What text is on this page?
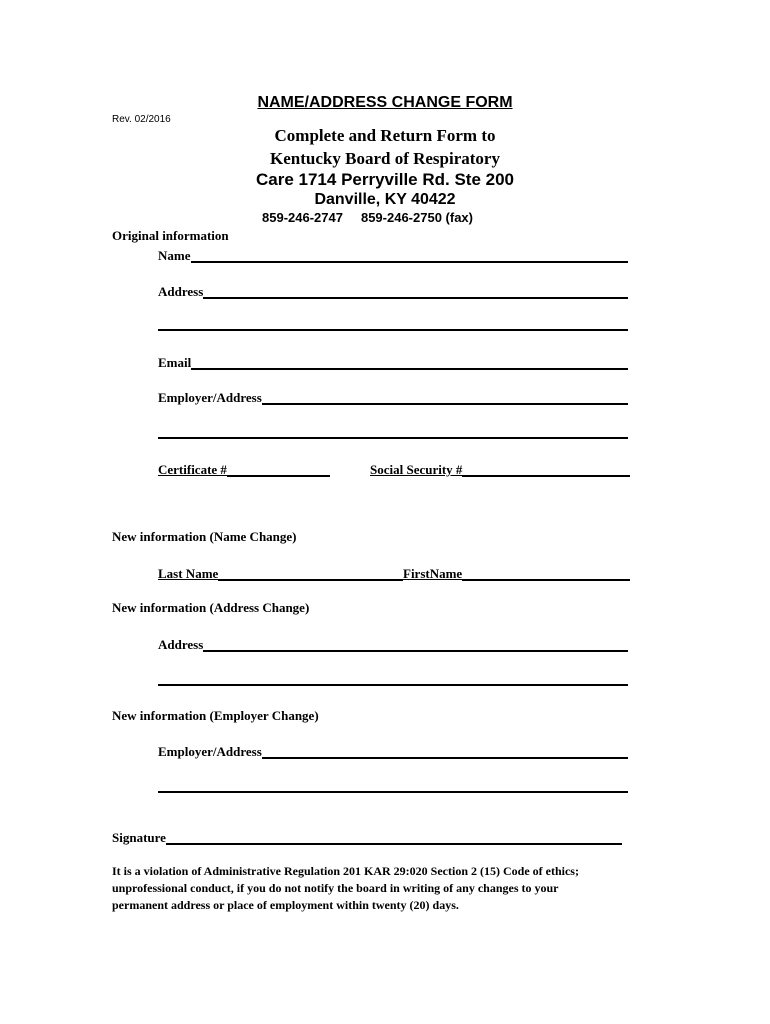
NAME/ADDRESS CHANGE FORM
Rev. 02/2016
Complete and Return Form to
Kentucky Board of Respiratory
Care 1714 Perryville Rd. Ste 200
Danville, KY 40422
859-246-2747 859-246-2750 (fax)
Original information
Name
Address
Email
Employer/Address
Certificate #	Social Security #
New information (Name Change)
Last Name	FirstName
New information (Address Change)
Address
New information (Employer Change)
Employer/Address
Signature
It is a violation of Administrative Regulation 201 KAR 29:020 Section 2 (15) Code of ethics;
unprofessional conduct, if you do not notify the board in writing of any changes to your
permanent address or place of employment within twenty (20) days.
